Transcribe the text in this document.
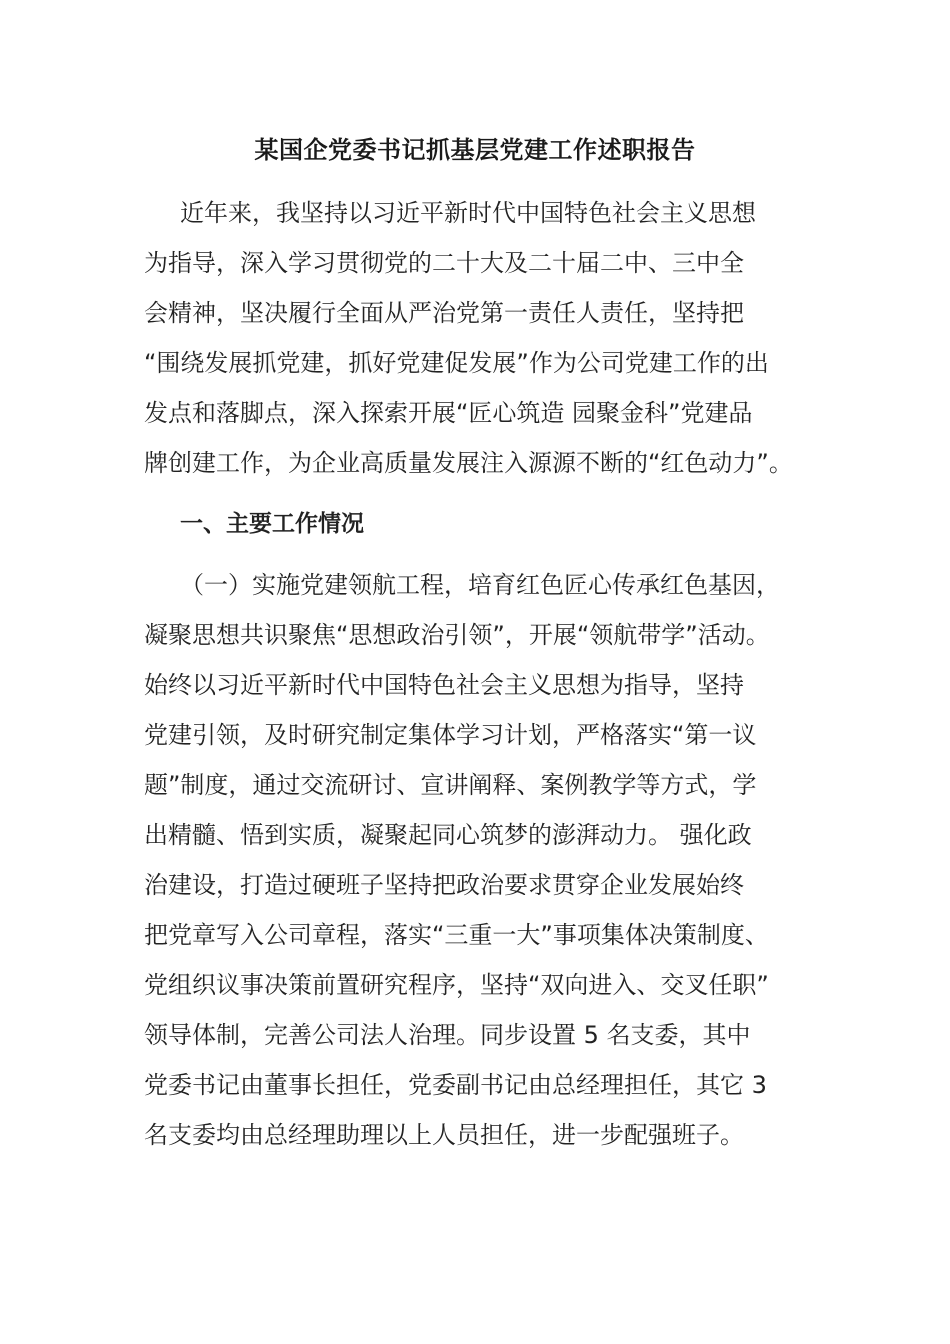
某国企党委书记抓基层党建工作述职报告
近年来，我坚持以习近平新时代中国特色社会主义思想
为指导，深入学习贯彻党的二十大及二十届二中、三中全
会精神，坚决履行全面从严治党第一责任人责任，坚持把
“围绕发展抓党建，抓好党建促发展”作为公司党建工作的出
发点和落脚点，深入探索开展“匠心筑造 园聚金科”党建品
牌创建工作，为企业高质量发展注入源源不断的“红色动力”。
一、主要工作情况
（一）实施党建领航工程，培育红色匠心传承红色基因，
凝聚思想共识聚焦“思想政治引领”，开展“领航带学”活动。
始终以习近平新时代中国特色社会主义思想为指导，坚持
党建引领，及时研究制定集体学习计划，严格落实“第一议
题”制度，通过交流研讨、宣讲阐释、案例教学等方式，学
出精髓、悟到实质，凝聚起同心筑梦的澎湃动力。 强化政
治建设，打造过硬班子坚持把政治要求贯穿企业发展始终
把党章写入公司章程，落实“三重一大”事项集体决策制度、
党组织议事决策前置研究程序，坚持“双向进入、交叉任职”
领导体制，完善公司法人治理。同步设置 5 名支委，其中
党委书记由董事长担任，党委副书记由总经理担任，其它 3
名支委均由总经理助理以上人员担任，进一步配强班子。
